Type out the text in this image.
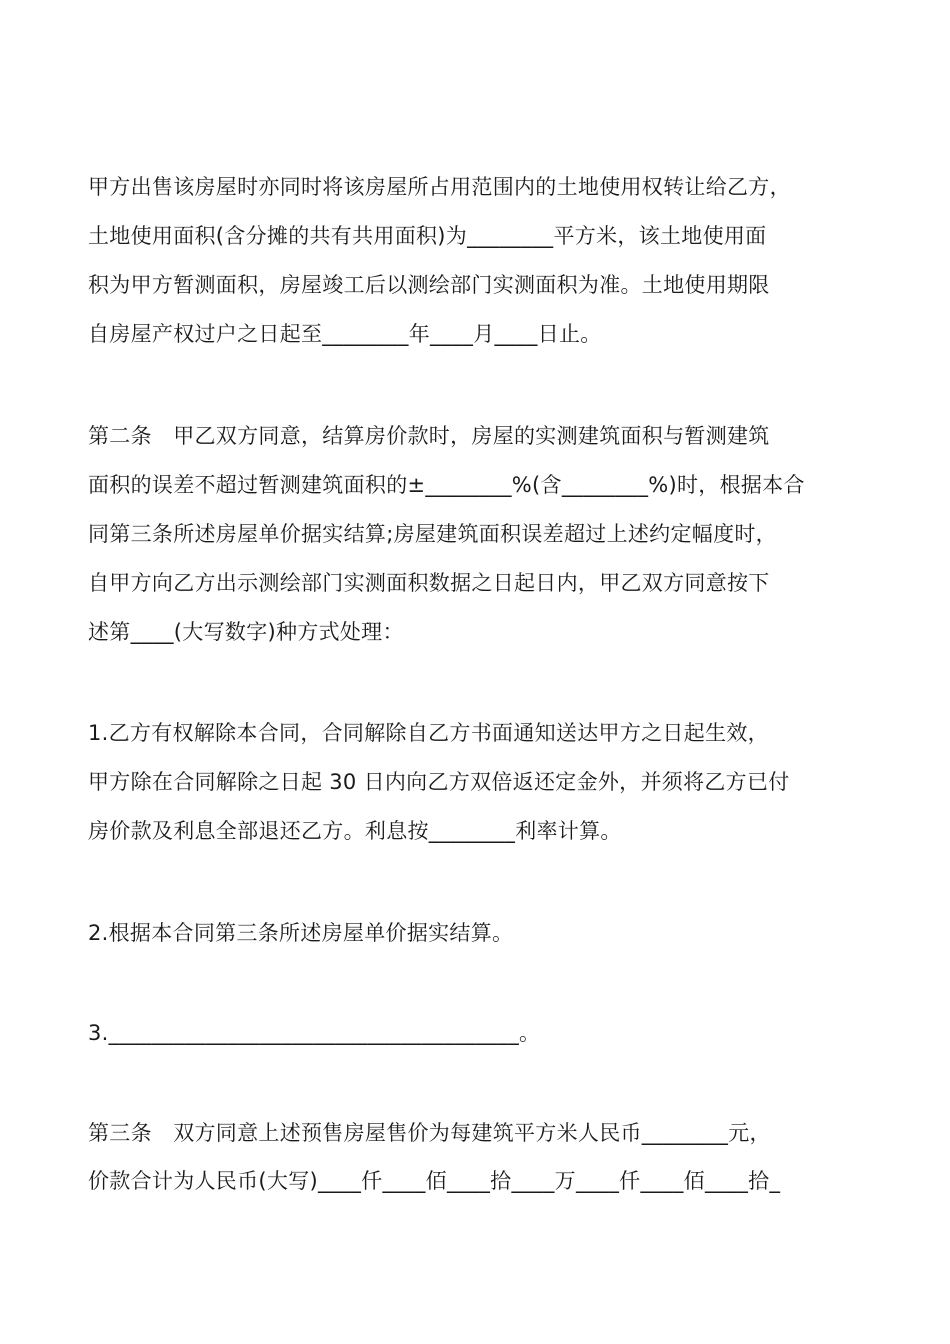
甲方出售该房屋时亦同时将该房屋所占用范围内的土地使用权转让给乙方，

土地使用面积(含分摊的共有共用面积)为________平方米，该土地使用面

积为甲方暂测面积，房屋竣工后以测绘部门实测面积为准。土地使用期限

自房屋产权过户之日起至________年____月____日止。

第二条　甲乙双方同意，结算房价款时，房屋的实测建筑面积与暂测建筑

面积的误差不超过暂测建筑面积的±________%(含________%)时，根据本合

同第三条所述房屋单价据实结算;房屋建筑面积误差超过上述约定幅度时，

自甲方向乙方出示测绘部门实测面积数据之日起日内，甲乙双方同意按下

述第____(大写数字)种方式处理：

1.乙方有权解除本合同，合同解除自乙方书面通知送达甲方之日起生效，

甲方除在合同解除之日起 30 日内向乙方双倍返还定金外，并须将乙方已付

房价款及利息全部退还乙方。利息按________利率计算。

2.根据本合同第三条所述房屋单价据实结算。

3.______________________________________。

第三条　双方同意上述预售房屋售价为每建筑平方米人民币________元，

价款合计为人民币(大写)____仟____佰____拾____万____仟____佰____拾_
